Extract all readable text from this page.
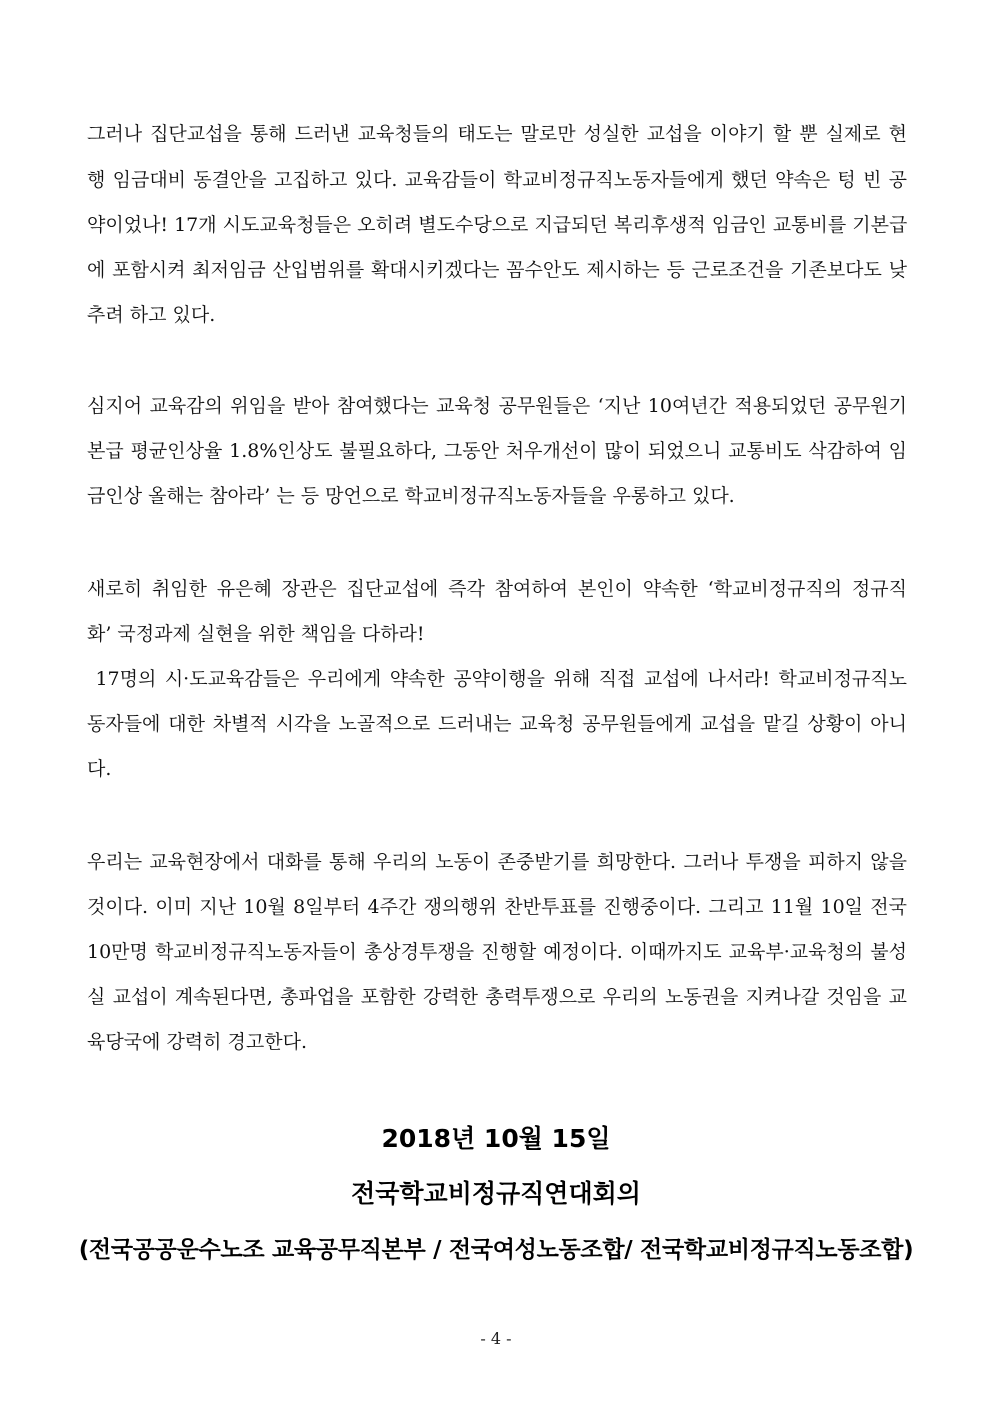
그러나 집단교섭을 통해 드러낸 교육청들의 태도는 말로만 성실한 교섭을 이야기 할 뿐 실제로 현
행 임금대비 동결안을 고집하고 있다. 교육감들이 학교비정규직노동자들에게 했던 약속은 텅 빈 공
약이었나! 17개 시도교육청들은 오히려 별도수당으로 지급되던 복리후생적 임금인 교통비를 기본급
에 포함시켜 최저임금 산입범위를 확대시키겠다는 꼼수안도 제시하는 등 근로조건을 기존보다도 낮
추려 하고 있다.
심지어 교육감의 위임을 받아 참여했다는 교육청 공무원들은 ‘지난 10여년간 적용되었던 공무원기
본급 평균인상율 1.8%인상도 불필요하다, 그동안 처우개선이 많이 되었으니 교통비도 삭감하여 임
금인상 올해는 참아라’ 는 등 망언으로 학교비정규직노동자들을 우롱하고 있다.
새로히 취임한 유은혜 장관은 집단교섭에 즉각 참여하여 본인이 약속한 ‘학교비정규직의 정규직
화’ 국정과제 실현을 위한 책임을 다하라!
17명의 시·도교육감들은 우리에게 약속한 공약이행을 위해 직접 교섭에 나서라! 학교비정규직노
동자들에 대한 차별적 시각을 노골적으로 드러내는 교육청 공무원들에게 교섭을 맡길 상황이 아니
다.
우리는 교육현장에서 대화를 통해 우리의 노동이 존중받기를 희망한다. 그러나 투쟁을 피하지 않을
것이다. 이미 지난 10월 8일부터 4주간 쟁의행위 찬반투표를 진행중이다. 그리고 11월 10일 전국
10만명 학교비정규직노동자들이 총상경투쟁을 진행할 예정이다. 이때까지도 교육부·교육청의 불성
실 교섭이 계속된다면, 총파업을 포함한 강력한 총력투쟁으로 우리의 노동권을 지켜나갈 것임을 교
육당국에 강력히 경고한다.
2018년 10월 15일
전국학교비정규직연대회의
(전국공공운수노조 교육공무직본부 / 전국여성노동조합/ 전국학교비정규직노동조합)
- 4 -
